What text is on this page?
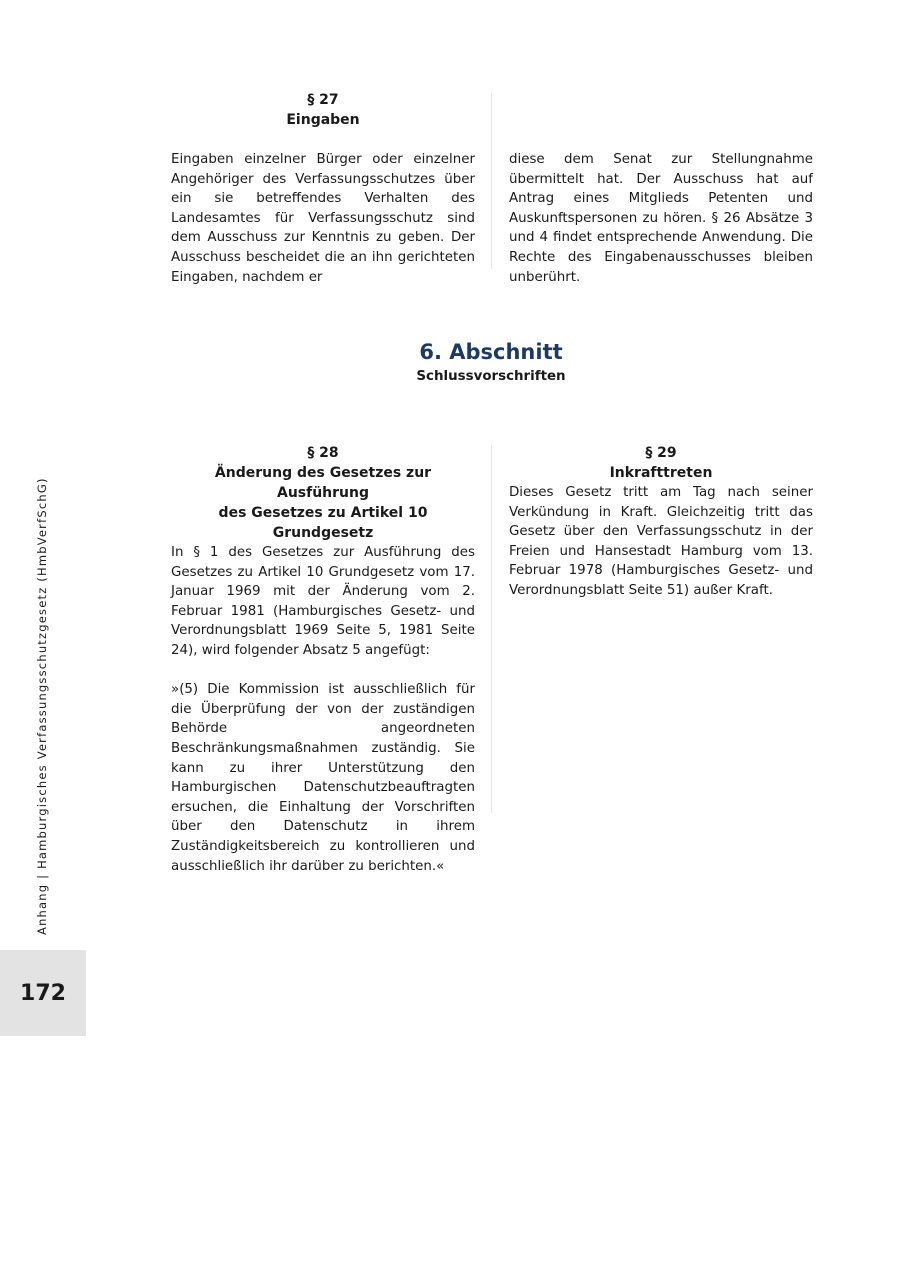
§ 27
Eingaben

Eingaben einzelner Bürger oder einzelner Angehöriger des Verfassungsschutzes über ein sie betreffendes Verhalten des Landesamtes für Verfassungsschutz sind dem Ausschuss zur Kenntnis zu geben. Der Ausschuss bescheidet die an ihn gerichteten Eingaben, nachdem er

diese dem Senat zur Stellungnahme übermittelt hat. Der Ausschuss hat auf Antrag eines Mitglieds Petenten und Auskunftspersonen zu hören. § 26 Absätze 3 und 4 findet entsprechende Anwendung. Die Rechte des Eingabenausschusses bleiben unberührt.

6. Abschnitt
Schlussvorschriften
§ 28
Änderung des Gesetzes zur Ausführung
des Gesetzes zu Artikel 10 Grundgesetz

In § 1 des Gesetzes zur Ausführung des Gesetzes zu Artikel 10 Grundgesetz vom 17. Januar 1969 mit der Änderung vom 2. Februar 1981 (Hamburgisches Gesetz- und Verordnungsblatt 1969 Seite 5, 1981 Seite 24), wird folgender Absatz 5 angefügt:

»(5) Die Kommission ist ausschließlich für die Überprüfung der von der zuständigen Behörde angeordneten Beschränkungsmaßnahmen zuständig. Sie kann zu ihrer Unterstützung den Hamburgischen Datenschutzbeauftragten ersuchen, die Einhaltung der Vorschriften über den Datenschutz in ihrem Zuständigkeitsbereich zu kontrollieren und ausschließlich ihr darüber zu berichten.«

§ 29
Inkrafttreten

Dieses Gesetz tritt am Tag nach seiner Verkündung in Kraft. Gleichzeitig tritt das Gesetz über den Verfassungsschutz in der Freien und Hansestadt Hamburg vom 13. Februar 1978 (Hamburgisches Gesetz- und Verordnungsblatt Seite 51) außer Kraft.

Anhang | Hamburgisches Verfassungsschutzgesetz (HmbVerfSchG)
172
